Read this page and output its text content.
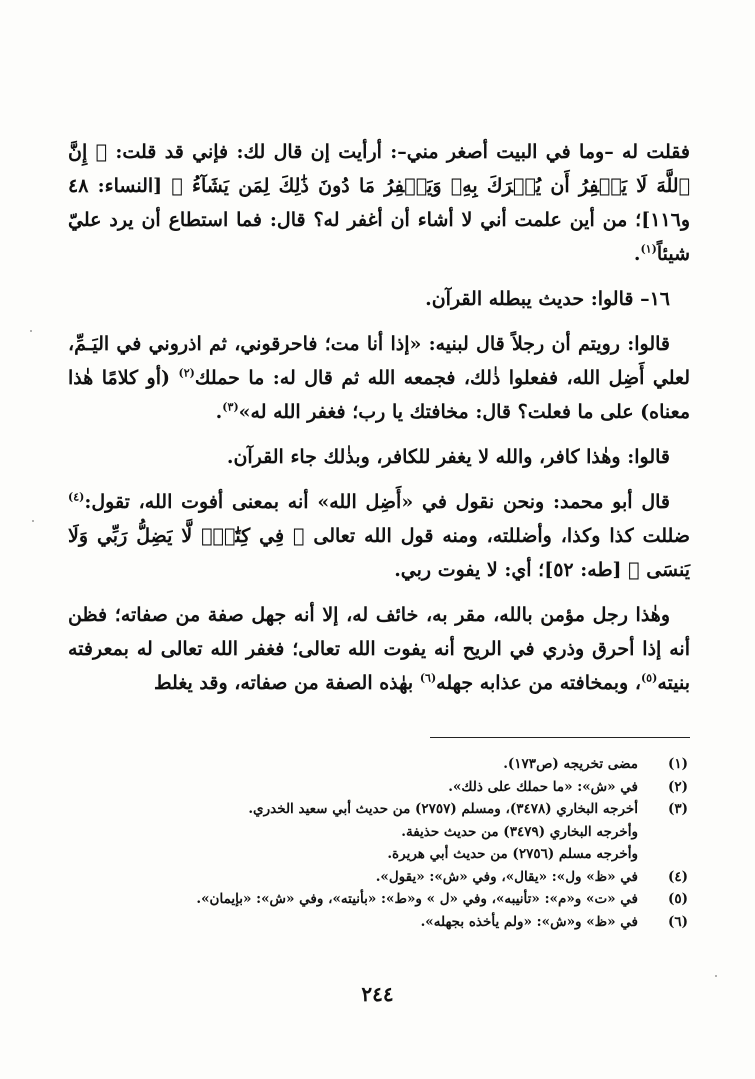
فقلت له –وما في البيت أصغر مني–: أرأيت إن قال لك: فإني قد قلت: ﴿ إِنَّ ٱللَّهَ لَا يَغۡفِرُ أَن يُشۡرَكَ بِهِۦ وَيَغۡفِرُ مَا دُونَ ذَٰلِكَ لِمَن يَشَآءُ ﴾ [النساء: ٤٨ و١١٦]؛ من أين علمت أني لا أشاء أن أغفر له؟ قال: فما استطاع أن يرد عليّ شيئاً$^{(١)}$.

١٦– قالوا: حديث يبطله القرآن.

قالوا: رويتم أن رجلاً قال لبنيه: «إذا أنا مت؛ فاحرقوني، ثم اذروني في اليَـمِّ، لعلي أَضِل الله، ففعلوا ذٰلك، فجمعه الله ثم قال له: ما حملك$^{(٢)}$ (أو كلامًا هٰذا معناه) على ما فعلت؟ قال: مخافتك يا رب؛ فغفر الله له»$^{(٣)}$.

قالوا: وهٰذا كافر، والله لا يغفر للكافر، وبذٰلك جاء القرآن.

قال أبو محمد: ونحن نقول في «أَضِل الله» أنه بمعنى أفوت الله، تقول:$^{(٤)}$ ضللت كذا وكذا، وأضللته، ومنه قول الله تعالى ﴿ فِي كِتَٰبٖۖ لَّا يَضِلُّ رَبِّي وَلَا يَنسَى ﴾ [طه: ٥٢]؛ أي: لا يفوت ربي.

وهٰذا رجل مؤمن بالله، مقر به، خائف له، إلا أنه جهل صفة من صفاته؛ فظن أنه إذا أحرق وذري في الريح أنه يفوت الله تعالى؛ فغفر الله تعالى له بمعرفته بنيته$^{(٥)}$، وبمخافته من عذابه جهله$^{(٦)}$ بهٰذه الصفة من صفاته، وقد يغلط

(١)
مضى تخريجه (ص١٧٣).
(٢)
في «ش»: «ما حملك على ذلك».
(٣)
أخرجه البخاري (٣٤٧٨)، ومسلم (٢٧٥٧) من حديث أبي سعيد الخدري.
وأخرجه البخاري (٣٤٧٩) من حديث حذيفة.
وأخرجه مسلم (٢٧٥٦) من حديث أبي هريرة.
(٤)
في «ظ» ول»: «يقال»، وفي «ش»: «يقول».
(٥)
في «ت» و«م»: «تأنيبه»، وفي «ل » و«ط»: «بأنيته»، وفي «ش»: «بإيمان».
(٦)
في «ظ» و«ش»: «ولم يأخذه بجهله».
٢٤٤
